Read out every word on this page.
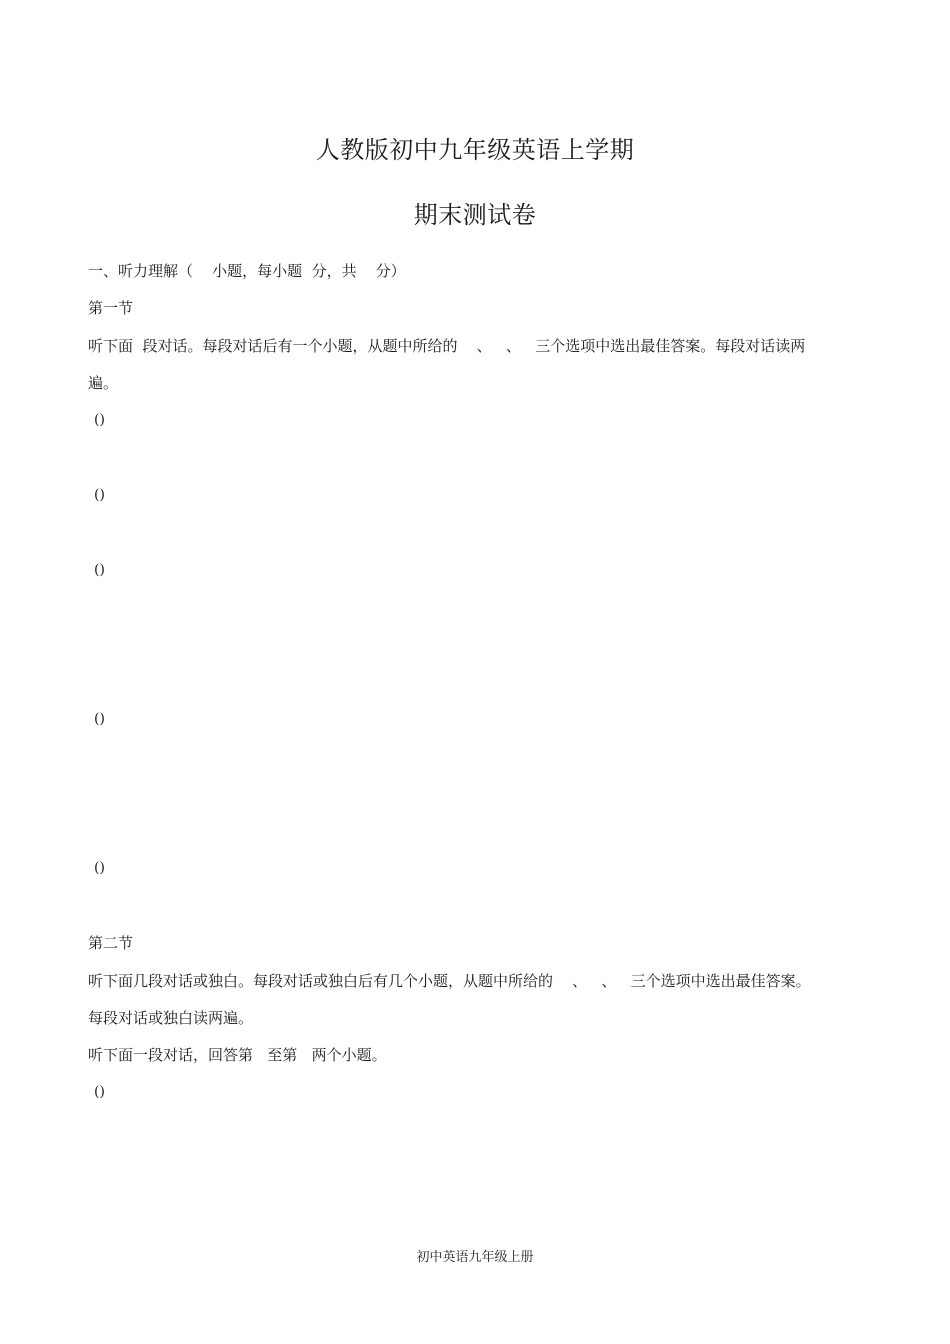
人教版初中九年级英语上学期
期末测试卷
一、听力理解（    小题，每小题  分，共    分）
第一节
听下面  段对话。每段对话后有一个小题，从题中所给的    、   、   三个选项中选出最佳答案。每段对话读两
遍。
()
()
()
()
()
第二节
听下面几段对话或独白。每段对话或独白后有几个小题，从题中所给的    、   、   三个选项中选出最佳答案。
每段对话或独白读两遍。
听下面一段对话，回答第   至第   两个小题。
()
初中英语九年级上册
